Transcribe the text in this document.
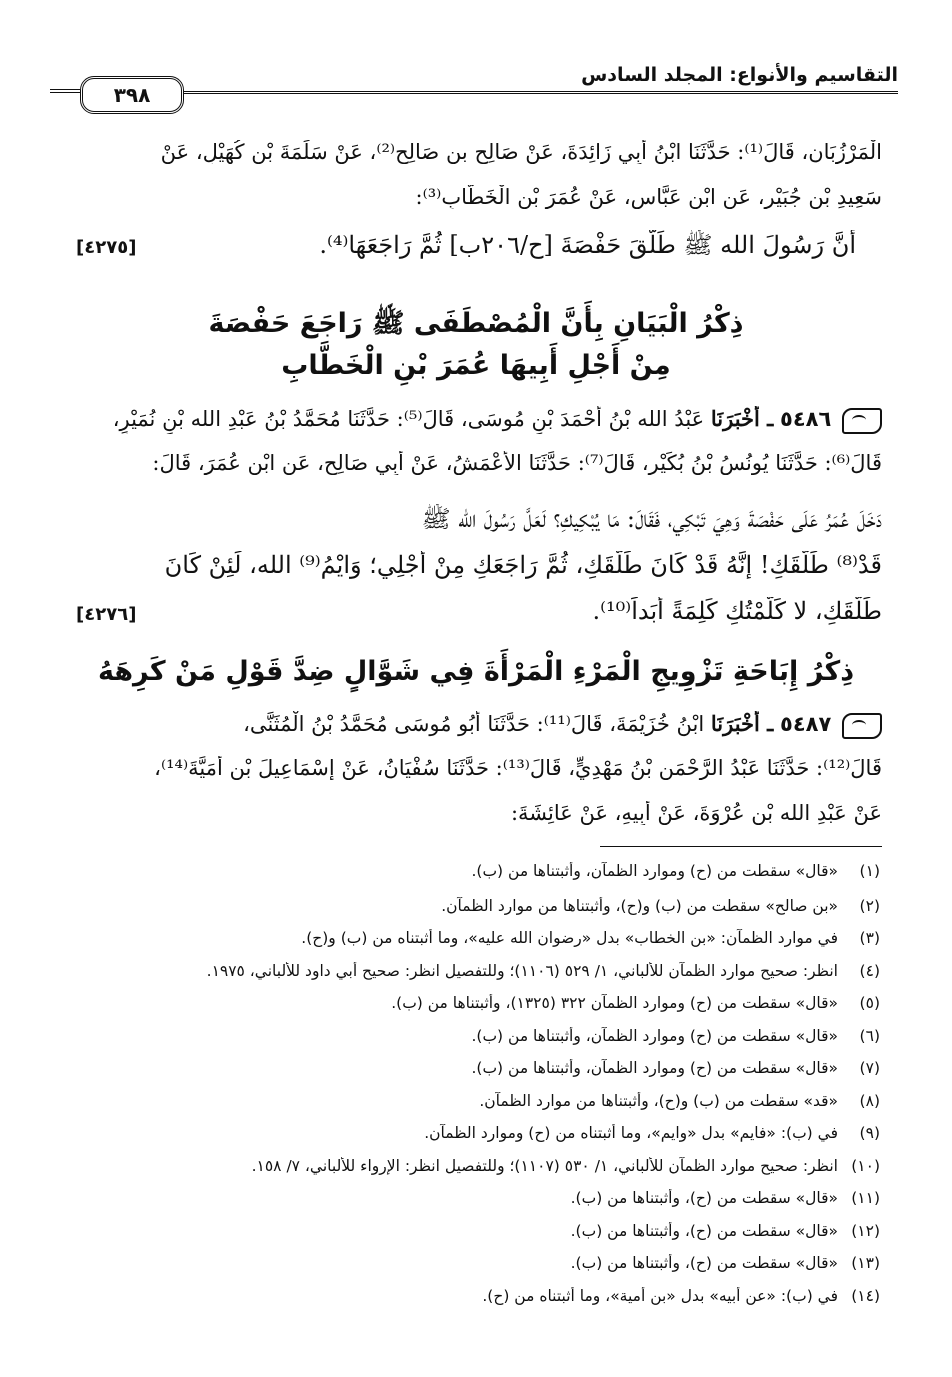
التقاسيم والأنواع: المجلد السادس
٣٩٨
الْمَرْزُبَانِ، قَالَ⁽¹⁾: حَدَّثَنَا ابْنُ أَبِي زَائِدَةَ، عَنْ صَالِحِ بن صَالِحٍ⁽²⁾، عَنْ سَلَمَةَ بْنِ كُهَيْلٍ، عَنْ
سَعِيدِ بْنِ جُبَيْرٍ، عَنِ ابْنِ عَبَّاسٍ، عَنْ عُمَرَ بْنِ الْخَطَّابِ⁽³⁾:
أَنَّ رَسُولَ الله ﷺ طَلَّقَ حَفْصَةَ [ح/٢٠٦ب] ثُمَّ رَاجَعَهَا⁽⁴⁾.
[٤٢٧٥]
ذِكْرُ الْبَيَانِ بِأَنَّ الْمُصْطَفَى ﷺ رَاجَعَ حَفْصَةَ
مِنْ أَجْلِ أَبِيهَا عُمَرَ بْنِ الْخَطَّابِ
٥٤٨٦ ـ أَخْبَرَنَا عَبْدُ الله بْنُ أَحْمَدَ بْنِ مُوسَى، قَالَ⁽⁵⁾: حَدَّثَنَا مُحَمَّدُ بْنُ عَبْدِ الله بْنِ نُمَيْرٍ،
قَالَ⁽⁶⁾: حَدَّثَنَا يُونُسُ بْنُ بُكَيْرٍ، قَالَ⁽⁷⁾: حَدَّثَنَا الأَعْمَشُ، عَنْ أَبِي صَالِحٍ، عَنِ ابْنِ عُمَرَ، قَالَ:
دَخَلَ عُمَرُ عَلَى حَفْصَةَ وَهِيَ تَبْكِي، فَقَالَ: مَا يُبْكِيكِ؟ لَعَلَّ رَسُولَ الله ﷺ
قَدْ⁽⁸⁾ طَلَّقَكِ! إِنَّهُ قَدْ كَانَ طَلَّقَكِ، ثُمَّ رَاجَعَكِ مِنْ أَجْلِي؛ وَايْمُ⁽⁹⁾ الله، لَئِنْ كَانَ
طَلَّقَكِ، لا كَلَّمْتُكِ كَلِمَةً أَبَداً⁽¹⁰⁾.
[٤٢٧٦]
ذِكْرُ إِبَاحَةِ تَزْوِيجِ الْمَرْءِ الْمَرْأَةَ فِي شَوَّالٍ ضِدَّ قَوْلِ مَنْ كَرِهَهُ
٥٤٨٧ ـ أَخْبَرَنَا ابْنُ خُزَيْمَةَ، قَالَ⁽¹¹⁾: حَدَّثَنَا أَبُو مُوسَى مُحَمَّدُ بْنُ الْمُثَنَّى،
قَالَ⁽¹²⁾: حَدَّثَنَا عَبْدُ الرَّحْمَنِ بْنُ مَهْدِيٍّ، قَالَ⁽¹³⁾: حَدَّثَنَا سُفْيَانُ، عَنْ إِسْمَاعِيلَ بْنِ أُمَيَّةَ⁽¹⁴⁾،
عَنْ عَبْدِ الله بْنِ عُرْوَةَ، عَنْ أَبِيهِ، عَنْ عَائِشَةَ:
(١)«قال» سقطت من (ح) وموارد الظمآن، وأثبتناها من (ب).
(٢)«بن صالح» سقطت من (ب) و(ح)، وأثبتناها من موارد الظمآن.
(٣)في موارد الظمآن: «بن الخطاب» بدل «رضوان الله عليه»، وما أثبتناه من (ب) و(ح).
(٤)انظر: صحيح موارد الظمآن للألباني، ١/ ٥٢٩ (١١٠٦)؛ وللتفصيل انظر: صحيح أبي داود للألباني، ١٩٧٥.
(٥)«قال» سقطت من (ح) وموارد الظمآن ٣٢٢ (١٣٢٥)، وأثبتناها من (ب).
(٦)«قال» سقطت من (ح) وموارد الظمآن، وأثبتناها من (ب).
(٧)«قال» سقطت من (ح) وموارد الظمآن، وأثبتناها من (ب).
(٨)«قد» سقطت من (ب) و(ح)، وأثبتناها من موارد الظمآن.
(٩)في (ب): «فايم» بدل «وايم»، وما أثبتناه من (ح) وموارد الظمآن.
(١٠)انظر: صحيح موارد الظمآن للألباني، ١/ ٥٣٠ (١١٠٧)؛ وللتفصيل انظر: الإرواء للألباني، ٧/ ١٥٨.
(١١)«قال» سقطت من (ح)، وأثبتناها من (ب).
(١٢)«قال» سقطت من (ح)، وأثبتناها من (ب).
(١٣)«قال» سقطت من (ح)، وأثبتناها من (ب).
(١٤)في (ب): «عن أبيه» بدل «بن أمية»، وما أثبتناه من (ح).
